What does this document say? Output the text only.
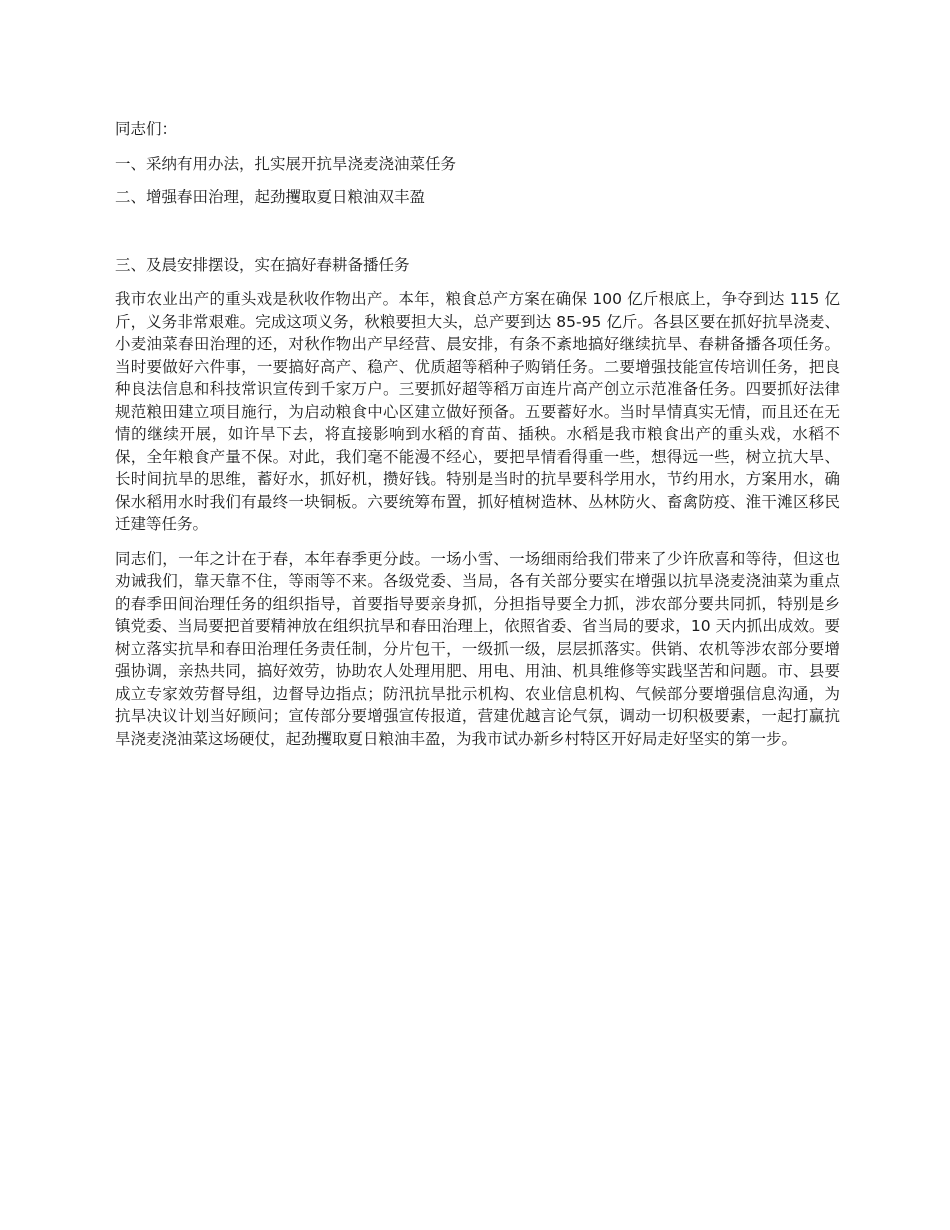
同志们：

一、采纳有用办法，扎实展开抗旱浇麦浇油菜任务

二、增强春田治理，起劲攫取夏日粮油双丰盈

三、及晨安排摆设，实在搞好春耕备播任务

我市农业出产的重头戏是秋收作物出产。本年，粮食总产方案在确保 100 亿斤根底上，争夺到达 115 亿斤，义务非常艰难。完成这项义务，秋粮要担大头，总产要到达 85-95 亿斤。各县区要在抓好抗旱浇麦、小麦油菜春田治理的还，对秋作物出产早经营、晨安排，有条不紊地搞好继续抗旱、春耕备播各项任务。当时要做好六件事，一要搞好高产、稳产、优质超等稻种子购销任务。二要增强技能宣传培训任务，把良种良法信息和科技常识宣传到千家万户。三要抓好超等稻万亩连片高产创立示范准备任务。四要抓好法律规范粮田建立项目施行，为启动粮食中心区建立做好预备。五要蓄好水。当时旱情真实无情，而且还在无情的继续开展，如许旱下去，将直接影响到水稻的育苗、插秧。水稻是我市粮食出产的重头戏，水稻不保，全年粮食产量不保。对此，我们毫不能漫不经心，要把旱情看得重一些，想得远一些，树立抗大旱、长时间抗旱的思维，蓄好水，抓好机，攒好钱。特别是当时的抗旱要科学用水，节约用水，方案用水，确保水稻用水时我们有最终一块铜板。六要统筹布置，抓好植树造林、丛林防火、畜禽防疫、淮干滩区移民迁建等任务。

同志们，一年之计在于春，本年春季更分歧。一场小雪、一场细雨给我们带来了少许欣喜和等待，但这也劝诫我们，靠天靠不住，等雨等不来。各级党委、当局，各有关部分要实在增强以抗旱浇麦浇油菜为重点的春季田间治理任务的组织指导，首要指导要亲身抓，分担指导要全力抓，涉农部分要共同抓，特别是乡镇党委、当局要把首要精神放在组织抗旱和春田治理上，依照省委、省当局的要求，10 天内抓出成效。要树立落实抗旱和春田治理任务责任制，分片包干，一级抓一级，层层抓落实。供销、农机等涉农部分要增强协调，亲热共同，搞好效劳，协助农人处理用肥、用电、用油、机具维修等实践坚苦和问题。市、县要成立专家效劳督导组，边督导边指点；防汛抗旱批示机构、农业信息机构、气候部分要增强信息沟通，为抗旱决议计划当好顾问；宣传部分要增强宣传报道，营建优越言论气氛，调动一切积极要素，一起打赢抗旱浇麦浇油菜这场硬仗，起劲攫取夏日粮油丰盈，为我市试办新乡村特区开好局走好坚实的第一步。
